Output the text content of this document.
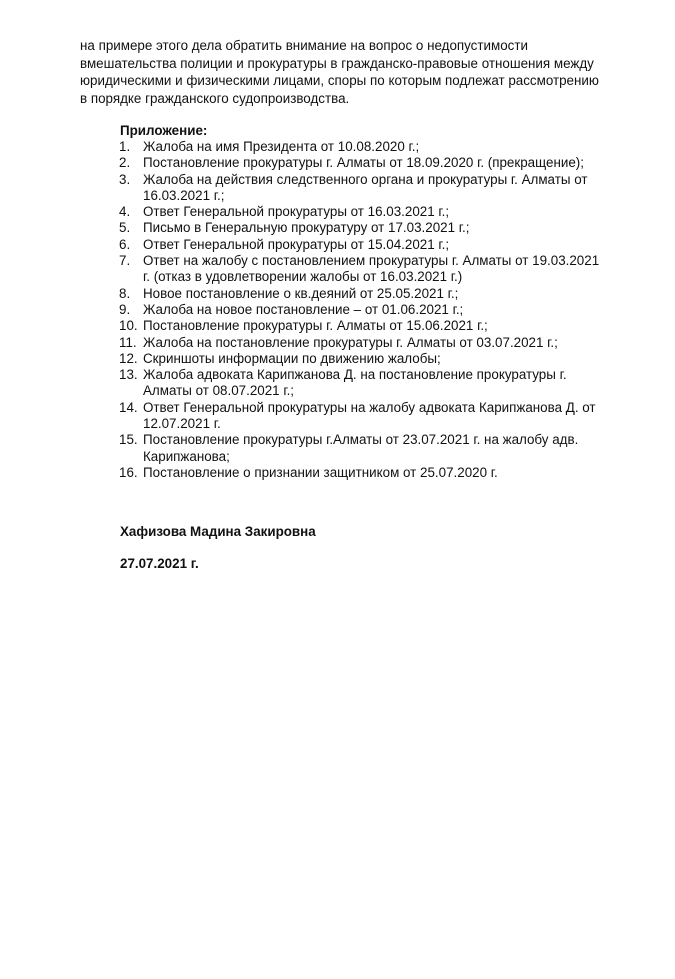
на примере этого дела обратить внимание на вопрос о недопустимости
вмешательства полиции и прокуратуры в гражданско-правовые отношения между
юридическими и физическими лицами, споры по которым подлежат рассмотрению
в порядке гражданского судопроизводства.
Приложение:
1. Жалоба на имя Президента от 10.08.2020 г.;
2. Постановление прокуратуры г. Алматы от 18.09.2020 г. (прекращение);
3. Жалоба на действия следственного органа и прокуратуры г. Алматы от
16.03.2021 г.;
4. Ответ Генеральной прокуратуры от 16.03.2021 г.;
5. Письмо в Генеральную прокуратуру от 17.03.2021 г.;
6. Ответ Генеральной прокуратуры от 15.04.2021 г.;
7. Ответ на жалобу с постановлением прокуратуры г. Алматы от 19.03.2021
г. (отказ в удовлетворении жалобы от 16.03.2021 г.)
8. Новое постановление о кв.деяний от 25.05.2021 г.;
9. Жалоба на новое постановление – от 01.06.2021 г.;
10. Постановление прокуратуры г. Алматы от 15.06.2021 г.;
11. Жалоба на постановление прокуратуры г. Алматы от 03.07.2021 г.;
12. Скриншоты информации по движению жалобы;
13. Жалоба адвоката Карипжанова Д. на постановление прокуратуры г.
Алматы от 08.07.2021 г.;
14. Ответ Генеральной прокуратуры на жалобу адвоката Карипжанова Д. от
12.07.2021 г.
15. Постановление прокуратуры г.Алматы от 23.07.2021 г. на жалобу адв.
Карипжанова;
16. Постановление о признании защитником от 25.07.2020 г.
Хафизова Мадина Закировна
27.07.2021 г.
